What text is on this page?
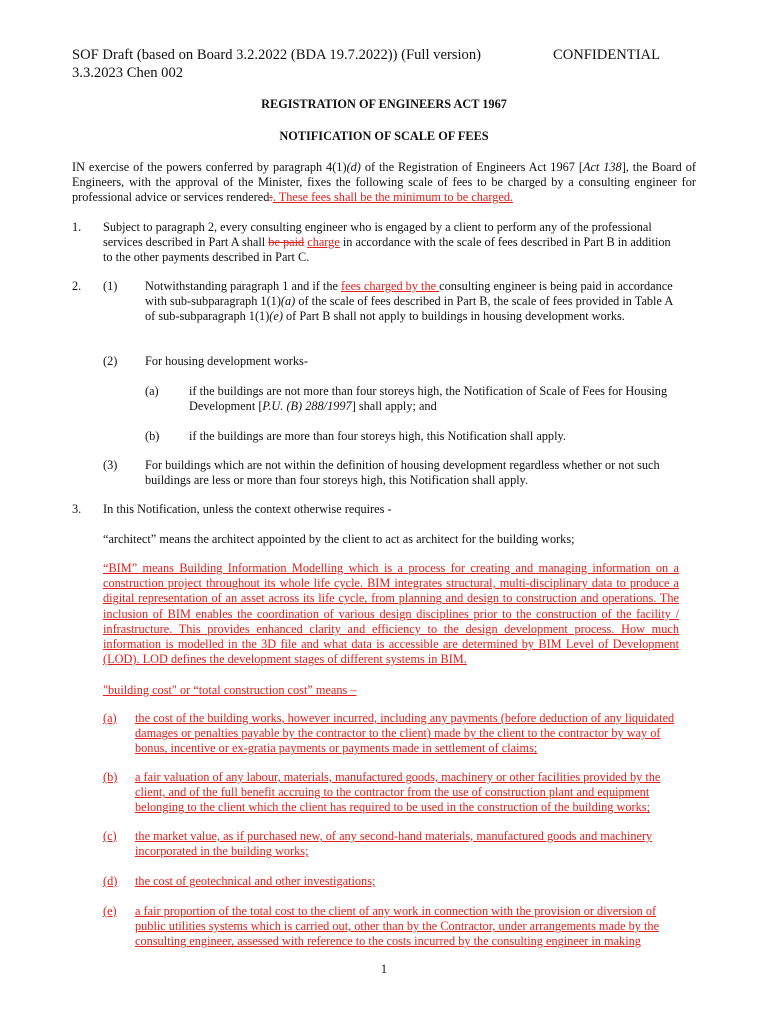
SOF Draft (based on Board 3.2.2022 (BDA 19.7.2022)) (Full version)
3.3.2023 Chen 002
CONFIDENTIAL
REGISTRATION OF ENGINEERS ACT 1967
NOTIFICATION OF SCALE OF FEES
IN exercise of the powers conferred by paragraph 4(1)(d) of the Registration of Engineers Act 1967 [Act 138], the Board of Engineers, with the approval of the Minister, fixes the following scale of fees to be charged by a consulting engineer for professional advice or services rendered:. These fees shall be the minimum to be charged.
1. Subject to paragraph 2, every consulting engineer who is engaged by a client to perform any of the professional services described in Part A shall be paid charge in accordance with the scale of fees described in Part B in addition to the other payments described in Part C.
2. (1) Notwithstanding paragraph 1 and if the fees charged by the consulting engineer is being paid in accordance with sub-subparagraph 1(1)(a) of the scale of fees described in Part B, the scale of fees provided in Table A of sub-subparagraph 1(1)(e) of Part B shall not apply to buildings in housing development works.
(2) For housing development works-
(a) if the buildings are not more than four storeys high, the Notification of Scale of Fees for Housing Development [P.U. (B) 288/1997] shall apply; and
(b) if the buildings are more than four storeys high, this Notification shall apply.
(3) For buildings which are not within the definition of housing development regardless whether or not such buildings are less or more than four storeys high, this Notification shall apply.
3. In this Notification, unless the context otherwise requires -
“architect” means the architect appointed by the client to act as architect for the building works;
“BIM” means Building Information Modelling which is a process for creating and managing information on a construction project throughout its whole life cycle. BIM integrates structural, multi-disciplinary data to produce a digital representation of an asset across its life cycle, from planning and design to construction and operations. The inclusion of BIM enables the coordination of various design disciplines prior to the construction of the facility / infrastructure. This provides enhanced clarity and efficiency to the design development process. How much information is modelled in the 3D file and what data is accessible are determined by BIM Level of Development (LOD). LOD defines the development stages of different systems in BIM.
"building cost" or “total construction cost” means –
(a) the cost of the building works, however incurred, including any payments (before deduction of any liquidated damages or penalties payable by the contractor to the client) made by the client to the contractor by way of bonus, incentive or ex-gratia payments or payments made in settlement of claims;
(b) a fair valuation of any labour, materials, manufactured goods, machinery or other facilities provided by the client, and of the full benefit accruing to the contractor from the use of construction plant and equipment belonging to the client which the client has required to be used in the construction of the building works;
(c) the market value, as if purchased new, of any second-hand materials, manufactured goods and machinery incorporated in the building works;
(d) the cost of geotechnical and other investigations;
(e) a fair proportion of the total cost to the client of any work in connection with the provision or diversion of public utilities systems which is carried out, other than by the Contractor, under arrangements made by the consulting engineer, assessed with reference to the costs incurred by the consulting engineer in making
1
